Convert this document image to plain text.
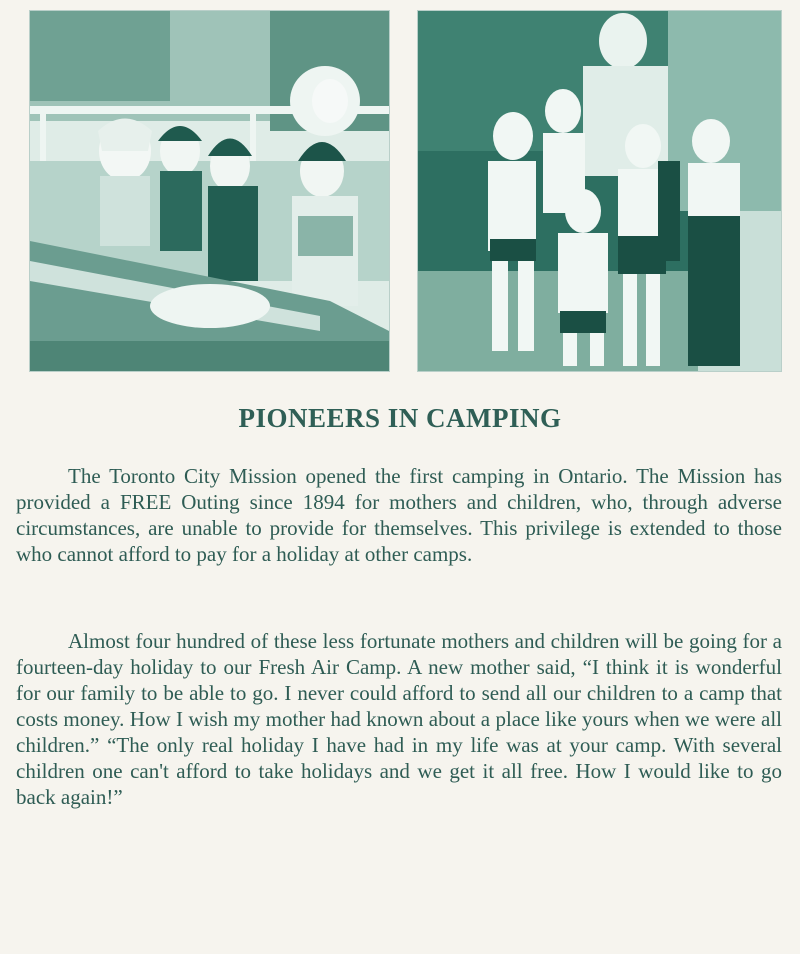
PIONEERS IN CAMPING

The Toronto City Mission opened the first camping in Ontario. The Mission has provided a FREE Outing since 1894 for mothers and children, who, through adverse circumstances, are unable to provide for themselves. This privilege is extended to those who cannot afford to pay for a holiday at other camps.

Almost four hundred of these less fortunate mothers and children will be going for a fourteen-day holiday to our Fresh Air Camp. A new mother said, “I think it is wonderful for our family to be able to go. I never could afford to send all our children to a camp that costs money. How I wish my mother had known about a place like yours when we were all children.” “The only real holiday I have had in my life was at your camp. With several children one can't afford to take holidays and we get it all free. How I would like to go back again!”
